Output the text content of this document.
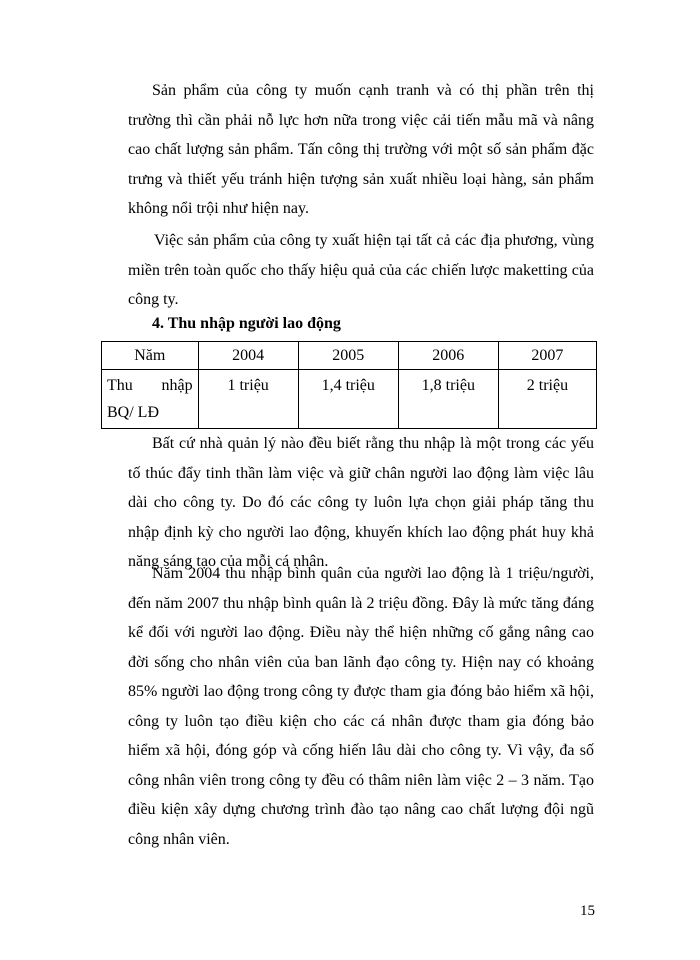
Sản phẩm của công ty muốn cạnh tranh và có thị phần trên thị trường thì cần phải nỗ lực hơn nữa trong việc cải tiến mẫu mã và nâng cao chất lượng sản phẩm. Tấn công thị trường với một số sản phẩm đặc trưng và thiết yếu tránh hiện tượng sản xuất nhiều loại hàng, sản phẩm không nổi trội như hiện nay.

Việc sản phẩm của công ty xuất hiện tại tất cả các địa phương, vùng miền trên toàn quốc cho thấy hiệu quả của các chiến lược maketting của công ty.

4. Thu nhập người lao động

Năm	2004	2005	2006	2007

Thu nhập
BQ/ LĐ	1 triệu	1,4 triệu	1,8 triệu	2 triệu

Bất cứ nhà quản lý nào đều biết rằng thu nhập là một trong các yếu tố thúc đẩy tinh thần làm việc và giữ chân người lao động làm việc lâu dài cho công ty. Do đó các công ty luôn lựa chọn giải pháp tăng thu nhập định kỳ cho người lao động, khuyến khích lao động phát huy khả năng sáng tạo của mỗi cá nhân.

Năm 2004 thu nhập bình quân của người lao động là 1 triệu/người, đến năm 2007 thu nhập bình quân là 2 triệu đồng. Đây là mức tăng đáng kể đối với người lao động. Điều này thể hiện những cố gắng nâng cao đời sống cho nhân viên của ban lãnh đạo công ty. Hiện nay có khoảng 85% người lao động trong công ty được tham gia đóng bảo hiểm xã hội, công ty luôn tạo điều kiện cho các cá nhân được tham gia đóng bảo hiểm xã hội, đóng góp và cống hiến lâu dài cho công ty. Vì vậy, đa số công nhân viên trong công ty đều có thâm niên làm việc 2 – 3 năm. Tạo điều kiện xây dựng chương trình đào tạo nâng cao chất lượng đội ngũ công nhân viên.

15
